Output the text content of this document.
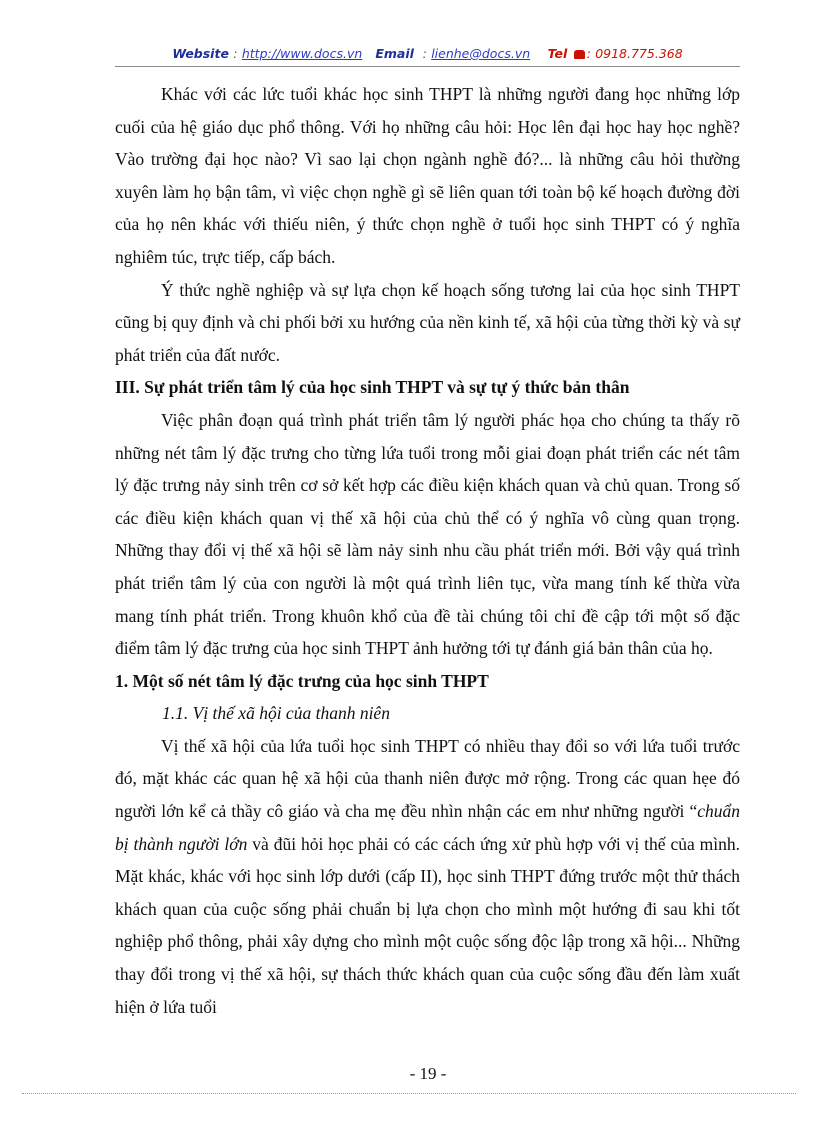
Website : http://www.docs.vn Email : lienhe@docs.vn Tel : 0918.775.368

Khác với các lức tuổi khác học sinh THPT là những người đang học những lớp cuối của hệ giáo dục phổ thông. Với họ những câu hỏi: Học lên đại học hay học nghề? Vào trường đại học nào? Vì sao lại chọn ngành nghề đó?... là những câu hỏi thường xuyên làm họ bận tâm, vì việc chọn nghề gì sẽ liên quan tới toàn bộ kế hoạch đường đời của họ nên khác với thiếu niên, ý thức chọn nghề ở tuổi học sinh THPT có ý nghĩa nghiêm túc, trực tiếp, cấp bách.

Ý thức nghề nghiệp và sự lựa chọn kế hoạch sống tương lai của học sinh THPT cũng bị quy định và chi phối bởi xu hướng của nền kinh tế, xã hội của từng thời kỳ và sự phát triển của đất nước.

III. Sự phát triển tâm lý của học sinh THPT và sự tự ý thức bản thân

Việc phân đoạn quá trình phát triển tâm lý người phác họa cho chúng ta thấy rõ những nét tâm lý đặc trưng cho từng lứa tuổi trong mỗi giai đoạn phát triển các nét tâm lý đặc trưng nảy sinh trên cơ sở kết hợp các điều kiện khách quan và chủ quan. Trong số các điều kiện khách quan vị thế xã hội của chủ thể có ý nghĩa vô cùng quan trọng. Những thay đổi vị thế xã hội sẽ làm nảy sinh nhu cầu phát triển mới. Bởi vậy quá trình phát triển tâm lý của con người là một quá trình liên tục, vừa mang tính kế thừa vừa mang tính phát triển. Trong khuôn khổ của đề tài chúng tôi chỉ đề cập tới một số đặc điểm tâm lý đặc trưng của học sinh THPT ảnh hưởng tới tự đánh giá bản thân của họ.

1. Một số nét tâm lý đặc trưng của học sinh THPT

1.1. Vị thế xã hội của thanh niên

Vị thế xã hội của lứa tuổi học sinh THPT có nhiều thay đổi so với lứa tuổi trước đó, mặt khác các quan hệ xã hội của thanh niên được mở rộng. Trong các quan hẹe đó người lớn kể cả thầy cô giáo và cha mẹ đều nhìn nhận các em như những người “chuẩn bị thành người lớn và đũi hỏi học phải có các cách ứng xử phù hợp với vị thế của mình. Mặt khác, khác với học sinh lớp dưới (cấp II), học sinh THPT đứng trước một thử thách khách quan của cuộc sống phải chuẩn bị lựa chọn cho mình một hướng đi sau khi tốt nghiệp phổ thông, phải xây dựng cho mình một cuộc sống độc lập trong xã hội... Những thay đổi trong vị thế xã hội, sự thách thức khách quan của cuộc sống đầu đến làm xuất hiện ở lứa tuổi

- 19 -
